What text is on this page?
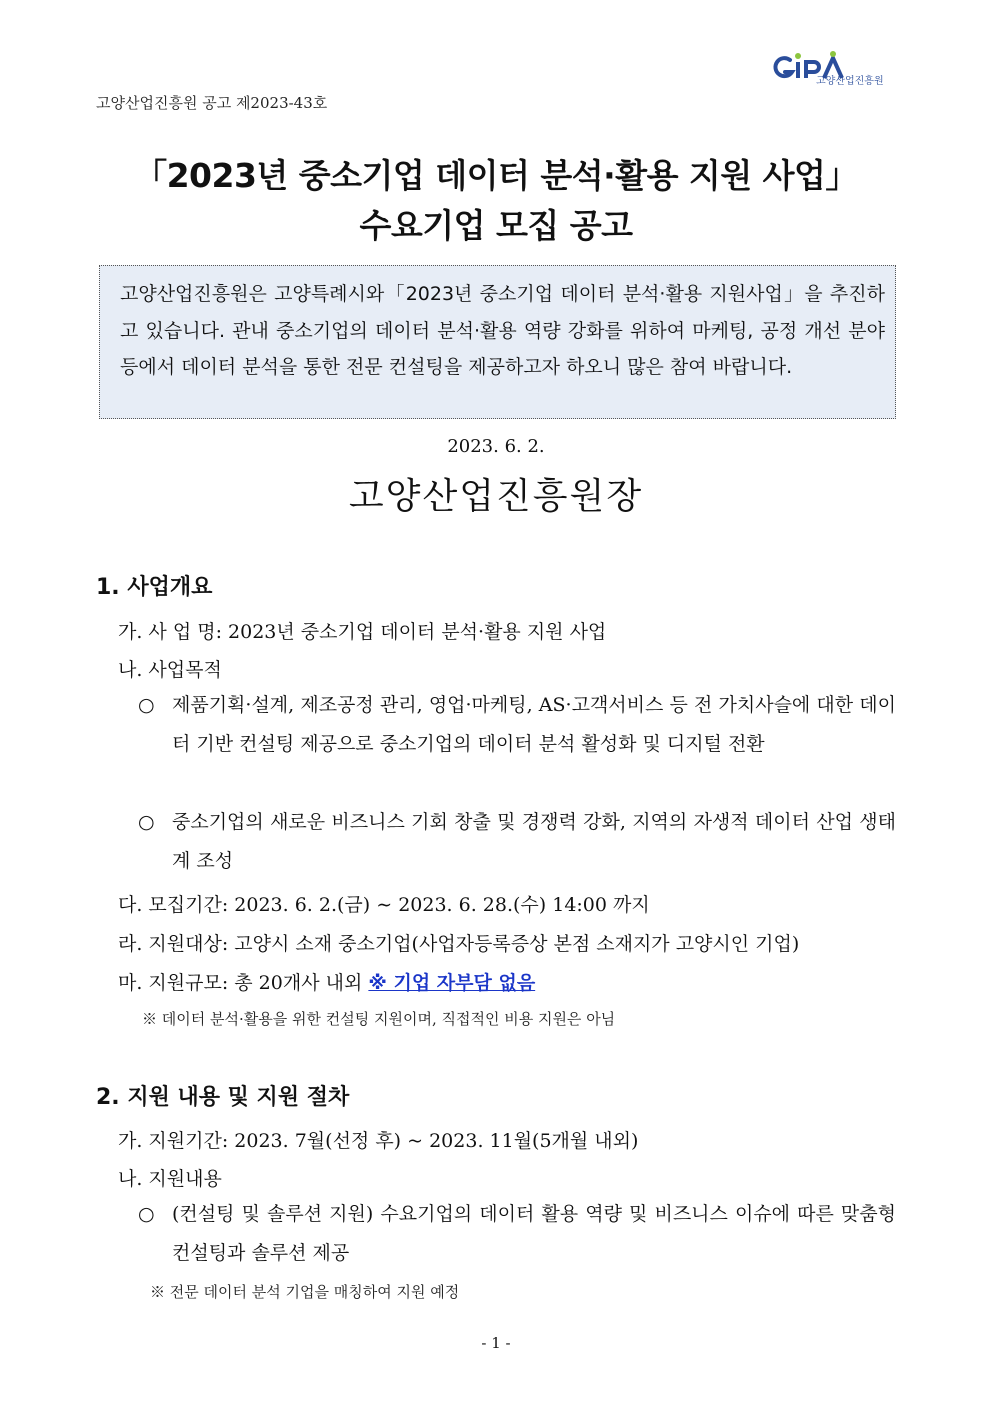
고양산업진흥원
고양산업진흥원 공고 제2023-43호
「2023년 중소기업 데이터 분석·활용 지원 사업」
수요기업 모집 공고
고양산업진흥원은 고양특례시와「2023년 중소기업 데이터 분석·활용 지원사업」을 추진하고 있습니다. 관내 중소기업의 데이터 분석·활용 역량 강화를 위하여 마케팅, 공정 개선 분야 등에서 데이터 분석을 통한 전문 컨설팅을 제공하고자 하오니 많은 참여 바랍니다.
2023. 6. 2.
고양산업진흥원장
1. 사업개요
가. 사 업 명: 2023년 중소기업 데이터 분석·활용 지원 사업
나. 사업목적
○ 제품기획·설계, 제조공정 관리, 영업·마케팅, AS·고객서비스 등 전 가치사슬에 대한 데이터 기반 컨설팅 제공으로 중소기업의 데이터 분석 활성화 및 디지털 전환
○ 중소기업의 새로운 비즈니스 기회 창출 및 경쟁력 강화, 지역의 자생적 데이터 산업 생태계 조성
다. 모집기간: 2023. 6. 2.(금) ∼ 2023. 6. 28.(수) 14:00 까지
라. 지원대상: 고양시 소재 중소기업(사업자등록증상 본점 소재지가 고양시인 기업)
마. 지원규모: 총 20개사 내외 ※ 기업 자부담 없음
※ 데이터 분석·활용을 위한 컨설팅 지원이며, 직접적인 비용 지원은 아님
2. 지원 내용 및 지원 절차
가. 지원기간: 2023. 7월(선정 후) ~ 2023. 11월(5개월 내외)
나. 지원내용
○ (컨설팅 및 솔루션 지원) 수요기업의 데이터 활용 역량 및 비즈니스 이슈에 따른 맞춤형 컨설팅과 솔루션 제공
※ 전문 데이터 분석 기업을 매칭하여 지원 예정
- 1 -
